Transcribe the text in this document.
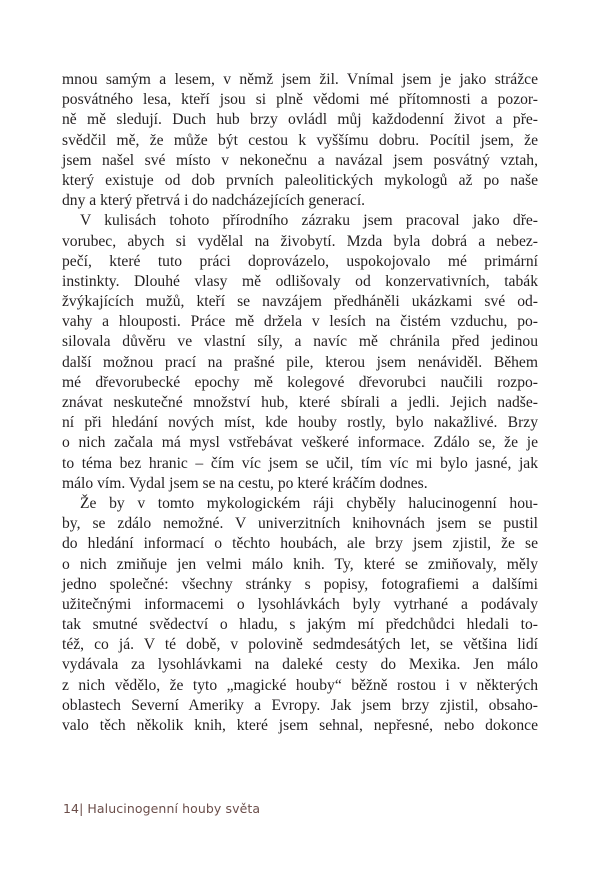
mnou samým a lesem, v němž jsem žil. Vnímal jsem je jako strážce
posvátného lesa, kteří jsou si plně vědomi mé přítomnosti a pozor-
ně mě sledují. Duch hub brzy ovládl můj každodenní život a pře-
svědčil mě, že může být cestou k vyššímu dobru. Pocítil jsem, že
jsem našel své místo v nekonečnu a navázal jsem posvátný vztah,
který existuje od dob prvních paleolitických mykologů až po naše
dny a který přetrvá i do nadcházejících generací.
V kulisách tohoto přírodního zázraku jsem pracoval jako dře-
vorubec, abych si vydělal na živobytí. Mzda byla dobrá a nebez-
pečí, které tuto práci doprovázelo, uspokojovalo mé primární
instinkty. Dlouhé vlasy mě odlišovaly od konzervativních, tabák
žvýkajících mužů, kteří se navzájem předháněli ukázkami své od-
vahy a hlouposti. Práce mě držela v lesích na čistém vzduchu, po-
silovala důvěru ve vlastní síly, a navíc mě chránila před jedinou
další možnou prací na prašné pile, kterou jsem nenáviděl. Během
mé dřevorubecké epochy mě kolegové dřevorubci naučili rozpo-
znávat neskutečné množství hub, které sbírali a jedli. Jejich nadše-
ní při hledání nových míst, kde houby rostly, bylo nakažlivé. Brzy
o nich začala má mysl vstřebávat veškeré informace. Zdálo se, že je
to téma bez hranic – čím víc jsem se učil, tím víc mi bylo jasné, jak
málo vím. Vydal jsem se na cestu, po které kráčím dodnes.
Že by v tomto mykologickém ráji chyběly halucinogenní hou-
by, se zdálo nemožné. V univerzitních knihovnách jsem se pustil
do hledání informací o těchto houbách, ale brzy jsem zjistil, že se
o nich zmiňuje jen velmi málo knih. Ty, které se zmiňovaly, měly
jedno společné: všechny stránky s popisy, fotografiemi a dalšími
užitečnými informacemi o lysohlávkách byly vytrhané a podávaly
tak smutné svědectví o hladu, s jakým mí předchůdci hledali to-
též, co já. V té době, v polovině sedmdesátých let, se většina lidí
vydávala za lysohlávkami na daleké cesty do Mexika. Jen málo
z nich vědělo, že tyto „magické houby“ běžně rostou i v některých
oblastech Severní Ameriky a Evropy. Jak jsem brzy zjistil, obsaho-
valo těch několik knih, které jsem sehnal, nepřesné, nebo dokonce
14| Halucinogenní houby světa
